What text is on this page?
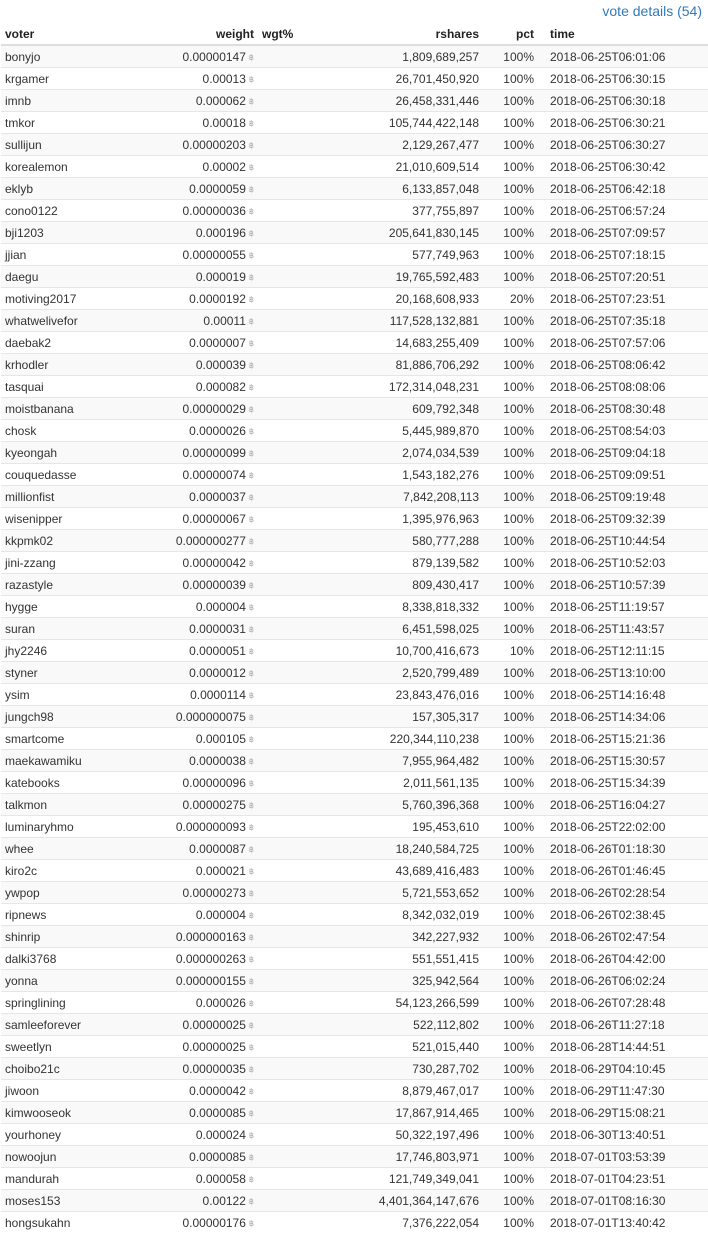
vote details (54)
voter	weight	wgt%	rshares	pct	time
bonyjo	0.00000147 ฿		1,809,689,257	100%	2018-06-25T06:01:06
krgamer	0.00013 ฿		26,701,450,920	100%	2018-06-25T06:30:15
imnb	0.000062 ฿		26,458,331,446	100%	2018-06-25T06:30:18
tmkor	0.00018 ฿		105,744,422,148	100%	2018-06-25T06:30:21
sullijun	0.00000203 ฿		2,129,267,477	100%	2018-06-25T06:30:27
korealemon	0.00002 ฿		21,010,609,514	100%	2018-06-25T06:30:42
eklyb	0.0000059 ฿		6,133,857,048	100%	2018-06-25T06:42:18
cono0122	0.00000036 ฿		377,755,897	100%	2018-06-25T06:57:24
bji1203	0.000196 ฿		205,641,830,145	100%	2018-06-25T07:09:57
jjian	0.00000055 ฿		577,749,963	100%	2018-06-25T07:18:15
daegu	0.000019 ฿		19,765,592,483	100%	2018-06-25T07:20:51
motiving2017	0.0000192 ฿		20,168,608,933	20%	2018-06-25T07:23:51
whatwelivefor	0.00011 ฿		117,528,132,881	100%	2018-06-25T07:35:18
daebak2	0.0000007 ฿		14,683,255,409	100%	2018-06-25T07:57:06
krhodler	0.000039 ฿		81,886,706,292	100%	2018-06-25T08:06:42
tasquai	0.000082 ฿		172,314,048,231	100%	2018-06-25T08:08:06
moistbanana	0.00000029 ฿		609,792,348	100%	2018-06-25T08:30:48
chosk	0.0000026 ฿		5,445,989,870	100%	2018-06-25T08:54:03
kyeongah	0.00000099 ฿		2,074,034,539	100%	2018-06-25T09:04:18
couquedasse	0.00000074 ฿		1,543,182,276	100%	2018-06-25T09:09:51
millionfist	0.0000037 ฿		7,842,208,113	100%	2018-06-25T09:19:48
wisenipper	0.00000067 ฿		1,395,976,963	100%	2018-06-25T09:32:39
kkpmk02	0.000000277 ฿		580,777,288	100%	2018-06-25T10:44:54
jini-zzang	0.00000042 ฿		879,139,582	100%	2018-06-25T10:52:03
razastyle	0.00000039 ฿		809,430,417	100%	2018-06-25T10:57:39
hygge	0.000004 ฿		8,338,818,332	100%	2018-06-25T11:19:57
suran	0.0000031 ฿		6,451,598,025	100%	2018-06-25T11:43:57
jhy2246	0.0000051 ฿		10,700,416,673	10%	2018-06-25T12:11:15
styner	0.0000012 ฿		2,520,799,489	100%	2018-06-25T13:10:00
ysim	0.0000114 ฿		23,843,476,016	100%	2018-06-25T14:16:48
jungch98	0.000000075 ฿		157,305,317	100%	2018-06-25T14:34:06
smartcome	0.000105 ฿		220,344,110,238	100%	2018-06-25T15:21:36
maekawamiku	0.0000038 ฿		7,955,964,482	100%	2018-06-25T15:30:57
katebooks	0.00000096 ฿		2,011,561,135	100%	2018-06-25T15:34:39
talkmon	0.00000275 ฿		5,760,396,368	100%	2018-06-25T16:04:27
luminaryhmo	0.000000093 ฿		195,453,610	100%	2018-06-25T22:02:00
whee	0.0000087 ฿		18,240,584,725	100%	2018-06-26T01:18:30
kiro2c	0.000021 ฿		43,689,416,483	100%	2018-06-26T01:46:45
ywpop	0.00000273 ฿		5,721,553,652	100%	2018-06-26T02:28:54
ripnews	0.000004 ฿		8,342,032,019	100%	2018-06-26T02:38:45
shinrip	0.000000163 ฿		342,227,932	100%	2018-06-26T02:47:54
dalki3768	0.000000263 ฿		551,551,415	100%	2018-06-26T04:42:00
yonna	0.000000155 ฿		325,942,564	100%	2018-06-26T06:02:24
springlining	0.000026 ฿		54,123,266,599	100%	2018-06-26T07:28:48
samleeforever	0.00000025 ฿		522,112,802	100%	2018-06-26T11:27:18
sweetlyn	0.00000025 ฿		521,015,440	100%	2018-06-28T14:44:51
choibo21c	0.00000035 ฿		730,287,702	100%	2018-06-29T04:10:45
jiwoon	0.0000042 ฿		8,879,467,017	100%	2018-06-29T11:47:30
kimwooseok	0.0000085 ฿		17,867,914,465	100%	2018-06-29T15:08:21
yourhoney	0.000024 ฿		50,322,197,496	100%	2018-06-30T13:40:51
nowoojun	0.0000085 ฿		17,746,803,971	100%	2018-07-01T03:53:39
mandurah	0.000058 ฿		121,749,349,041	100%	2018-07-01T04:23:51
moses153	0.00122 ฿		4,401,364,147,676	100%	2018-07-01T08:16:30
hongsukahn	0.00000176 ฿		7,376,222,054	100%	2018-07-01T13:40:42
